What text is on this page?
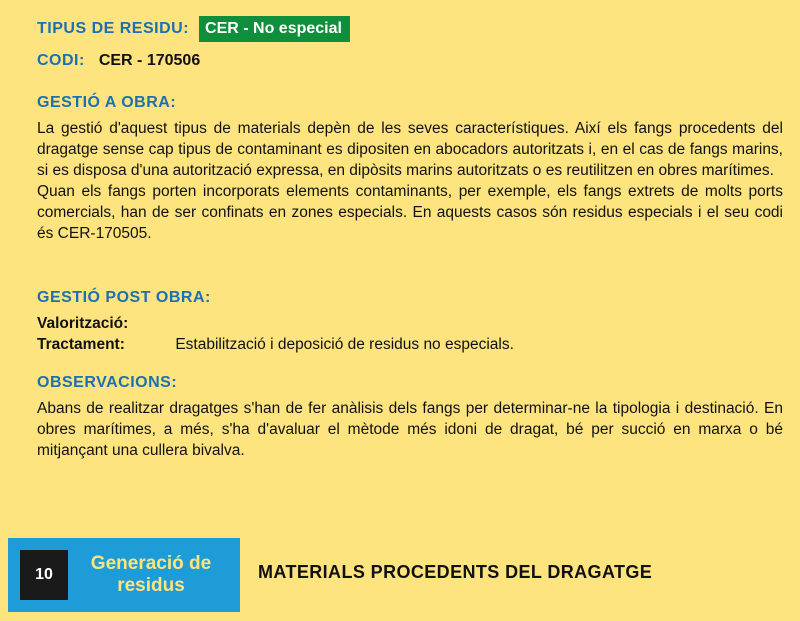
TIPUS DE RESIDU:	CER - No especial
CODI: CER - 170506
GESTIÓ A OBRA:

La gestió d'aquest tipus de materials depèn de les seves característiques. Així els fangs procedents del dragatge sense cap tipus de contaminant es dipositen en abocadors autoritzats i, en el cas de fangs marins, si es disposa d'una autorització expressa, en dipòsits marins autoritzats o es reutilitzen en obres marítimes.

Quan els fangs porten incorporats elements contaminants, per exemple, els fangs extrets de molts ports comercials, han de ser confinats en zones especials. En aquests casos són residus especials i el seu codi és CER-170505.

GESTIÓ POST OBRA:
Valorització:
Tractament:	Estabilització i deposició de residus no especials.
OBSERVACIONS:
Abans de realitzar dragatges s'han de fer anàlisis dels fangs per determinar-ne la tipologia i destinació. En obres marítimes, a més, s'ha d'avaluar el mètode més idoni de dragat, bé per succió en marxa o bé mitjançant una cullera bivalva.
10
Generació de
residus
MATERIALS PROCEDENTS DEL DRAGATGE
